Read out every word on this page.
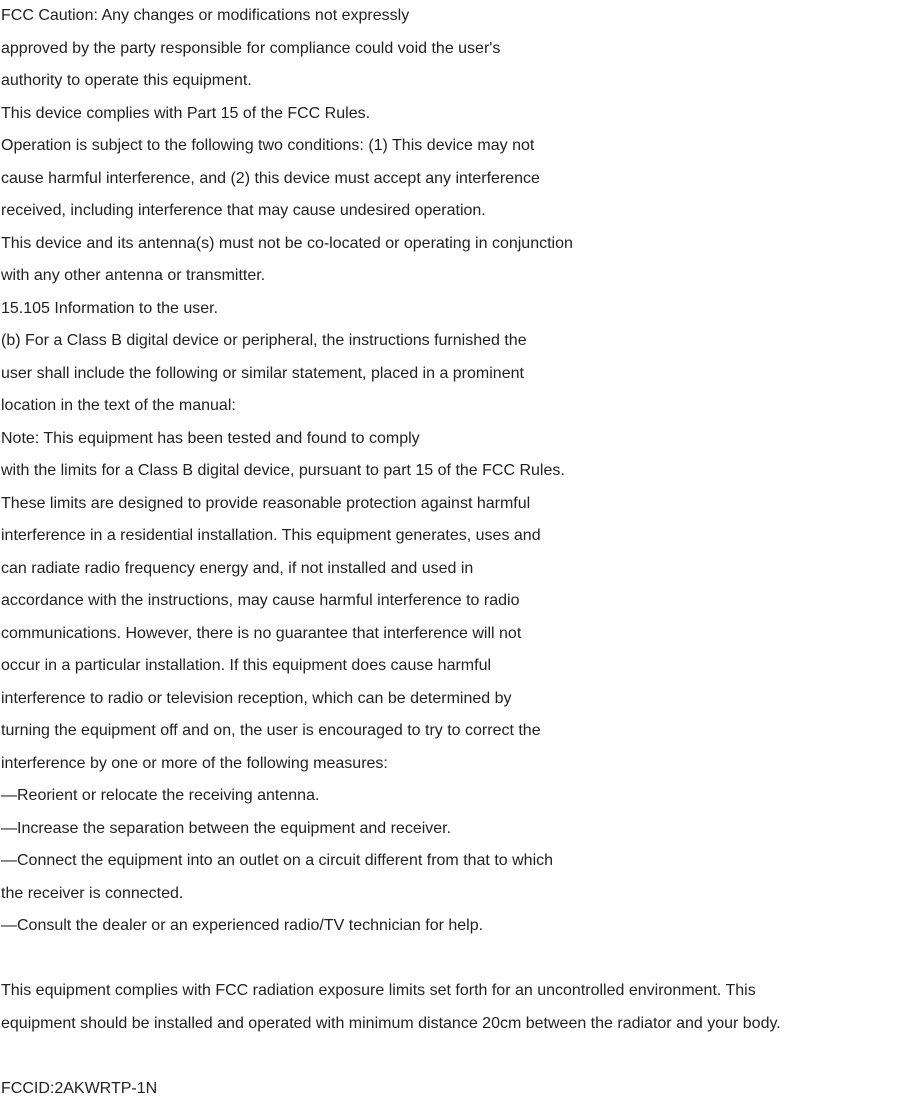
FCC Caution: Any changes or modifications not expressly
approved by the party responsible for compliance could void the user's
authority to operate this equipment.
This device complies with Part 15 of the FCC Rules.
Operation is subject to the following two conditions: (1) This device may not
cause harmful interference, and (2) this device must accept any interference
received, including interference that may cause undesired operation.
This device and its antenna(s) must not be co-located or operating in conjunction
with any other antenna or transmitter.
15.105 Information to the user.
(b) For a Class B digital device or peripheral, the instructions furnished the
user shall include the following or similar statement, placed in a prominent
location in the text of the manual:
Note: This equipment has been tested and found to comply
with the limits for a Class B digital device, pursuant to part 15 of the FCC Rules.
These limits are designed to provide reasonable protection against harmful
interference in a residential installation. This equipment generates, uses and
can radiate radio frequency energy and, if not installed and used in
accordance with the instructions, may cause harmful interference to radio
communications. However, there is no guarantee that interference will not
occur in a particular installation. If this equipment does cause harmful
interference to radio or television reception, which can be determined by
turning the equipment off and on, the user is encouraged to try to correct the
interference by one or more of the following measures:
—Reorient or relocate the receiving antenna.
—Increase the separation between the equipment and receiver.
—Connect the equipment into an outlet on a circuit different from that to which
the receiver is connected.
—Consult the dealer or an experienced radio/TV technician for help.
This equipment complies with FCC radiation exposure limits set forth for an uncontrolled environment. This
equipment should be installed and operated with minimum distance 20cm between the radiator and your body.
FCCID:2AKWRTP-1N
